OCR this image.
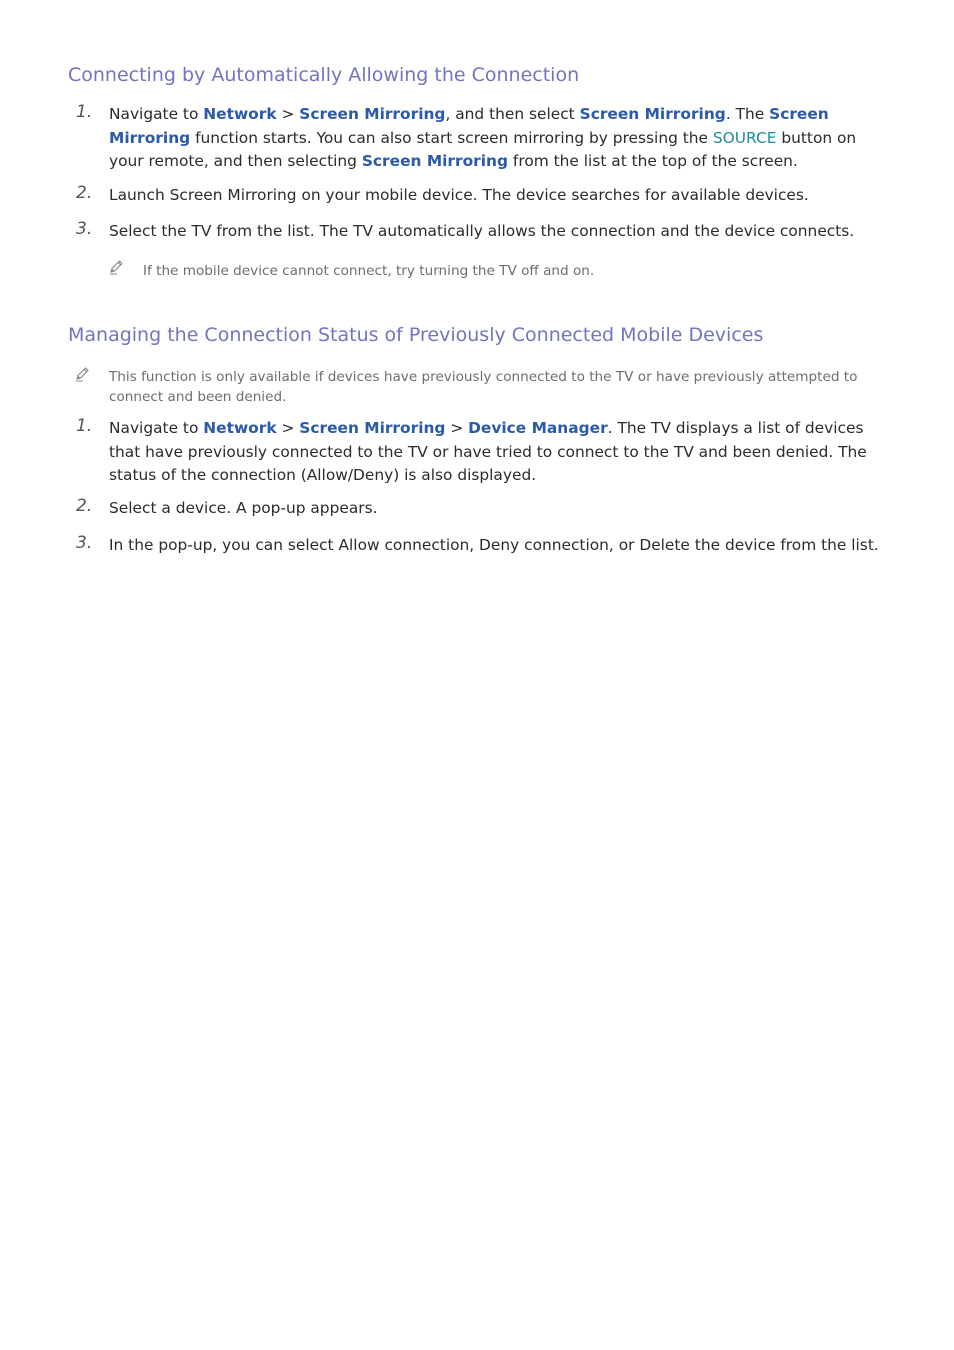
Connecting by Automatically Allowing the Connection
1. Navigate to Network > Screen Mirroring, and then select Screen Mirroring. The Screen Mirroring function starts. You can also start screen mirroring by pressing the SOURCE button on your remote, and then selecting Screen Mirroring from the list at the top of the screen.

2. Launch Screen Mirroring on your mobile device. The device searches for available devices.

3. Select the TV from the list. The TV automatically allows the connection and the device connects.

If the mobile device cannot connect, try turning the TV off and on.

Managing the Connection Status of Previously Connected Mobile Devices

This function is only available if devices have previously connected to the TV or have previously attempted to connect and been denied.

1. Navigate to Network > Screen Mirroring > Device Manager. The TV displays a list of devices that have previously connected to the TV or have tried to connect to the TV and been denied. The status of the connection (Allow/Deny) is also displayed.

2. Select a device. A pop-up appears.

3. In the pop-up, you can select Allow connection, Deny connection, or Delete the device from the list.
